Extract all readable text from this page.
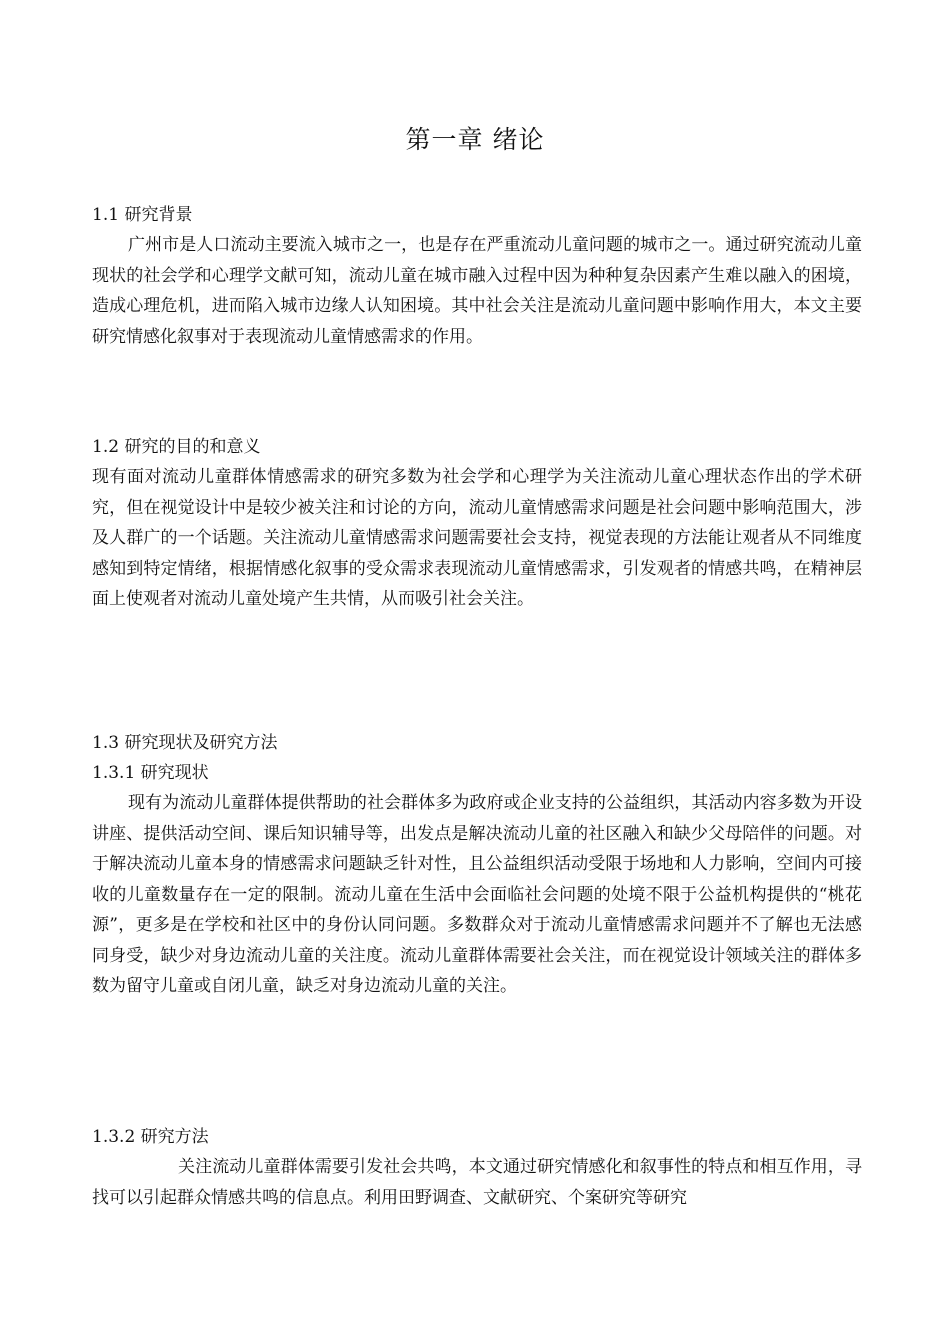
第一章 绪论

1.1 研究背景

广州市是人口流动主要流入城市之一，也是存在严重流动儿童问题的城市之一。通过研究流动儿童现状的社会学和心理学文献可知，流动儿童在城市融入过程中因为种种复杂因素产生难以融入的困境，造成心理危机，进而陷入城市边缘人认知困境。其中社会关注是流动儿童问题中影响作用大，本文主要研究情感化叙事对于表现流动儿童情感需求的作用。

1.2 研究的目的和意义

现有面对流动儿童群体情感需求的研究多数为社会学和心理学为关注流动儿童心理状态作出的学术研究，但在视觉设计中是较少被关注和讨论的方向，流动儿童情感需求问题是社会问题中影响范围大，涉及人群广的一个话题。关注流动儿童情感需求问题需要社会支持，视觉表现的方法能让观者从不同维度感知到特定情绪，根据情感化叙事的受众需求表现流动儿童情感需求，引发观者的情感共鸣，在精神层面上使观者对流动儿童处境产生共情，从而吸引社会关注。

1.3 研究现状及研究方法

1.3.1 研究现状

现有为流动儿童群体提供帮助的社会群体多为政府或企业支持的公益组织，其活动内容多数为开设讲座、提供活动空间、课后知识辅导等，出发点是解决流动儿童的社区融入和缺少父母陪伴的问题。对于解决流动儿童本身的情感需求问题缺乏针对性，且公益组织活动受限于场地和人力影响，空间内可接收的儿童数量存在一定的限制。流动儿童在生活中会面临社会问题的处境不限于公益机构提供的“桃花源”，更多是在学校和社区中的身份认同问题。多数群众对于流动儿童情感需求问题并不了解也无法感同身受，缺少对身边流动儿童的关注度。流动儿童群体需要社会关注，而在视觉设计领域关注的群体多数为留守儿童或自闭儿童，缺乏对身边流动儿童的关注。

1.3.2 研究方法

关注流动儿童群体需要引发社会共鸣，本文通过研究情感化和叙事性的特点和相互作用，寻找可以引起群众情感共鸣的信息点。利用田野调查、文献研究、个案研究等研究
